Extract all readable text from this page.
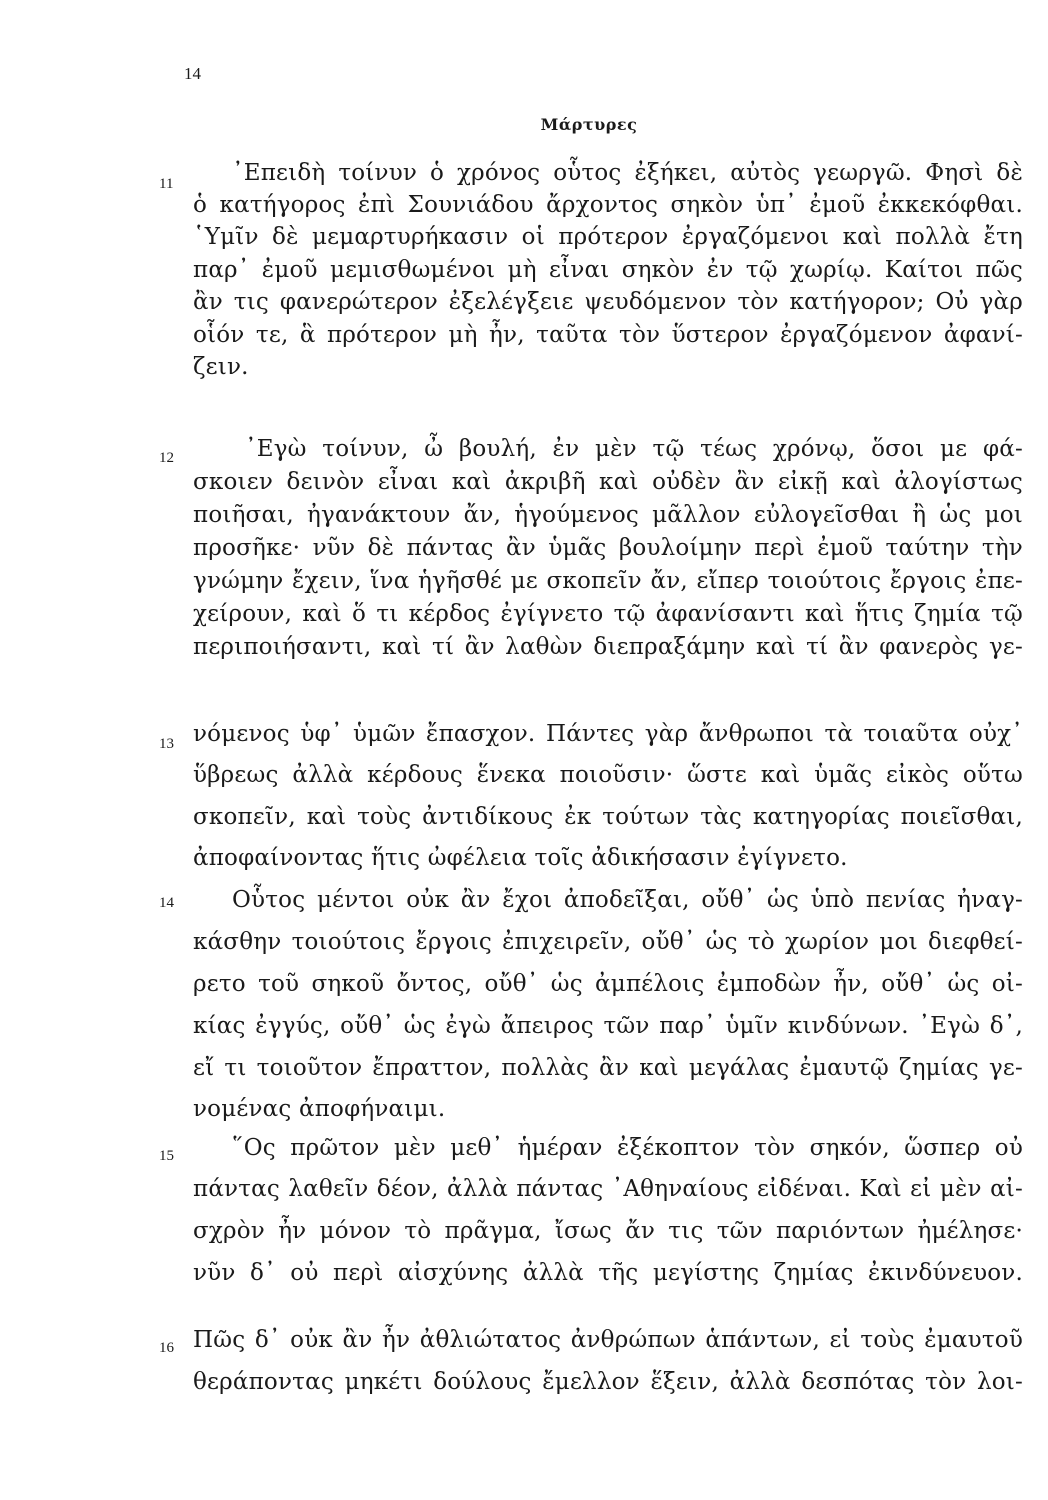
14
Μάρτυρες
11
12
13
14
15
16
᾿Επειδὴ τοίνυν ὁ χρόνος οὗτος ἐξήκει, αὐτὸς γεωργῶ. Φησὶ δὲ
ὁ κατήγορος ἐπὶ Σουνιάδου ἄρχοντος σηκὸν ὑπ᾿ ἐμοῦ ἐκκεκόφθαι.
῾Υμῖν δὲ μεμαρτυρήκασιν οἱ πρότερον ἐργαζόμενοι καὶ πολλὰ ἔτη
παρ᾿ ἐμοῦ μεμισθωμένοι μὴ εἶναι σηκὸν ἐν τῷ χωρίῳ. Καίτοι πῶς
ἂν τις φανερώτερον ἐξελέγξειε ψευδόμενον τὸν κατήγορον; Οὐ γὰρ
οἷόν τε, ἃ πρότερον μὴ ἦν, ταῦτα τὸν ὕστερον ἐργαζόμενον ἀφανί-
ζειν.
᾿Εγὼ τοίνυν, ὦ βουλή, ἐν μὲν τῷ τέως χρόνῳ, ὅσοι με φά-
σκοιεν δεινὸν εἶναι καὶ ἀκριβῆ καὶ οὐδὲν ἂν εἰκῇ καὶ ἀλογίστως
ποιῆσαι, ἠγανάκτουν ἄν, ἡγούμενος μᾶλλον εὐλογεῖσθαι ἢ ὡς μοι
προσῆκε· νῦν δὲ πάντας ἂν ὑμᾶς βουλοίμην περὶ ἐμοῦ ταύτην τὴν
γνώμην ἔχειν, ἵνα ἡγῆσθέ με σκοπεῖν ἄν, εἴπερ τοιούτοις ἔργοις ἐπε-
χείρουν, καὶ ὅ τι κέρδος ἐγίγνετο τῷ ἀφανίσαντι καὶ ἥτις ζημία τῷ
περιποιήσαντι, καὶ τί ἂν λαθὼν διεπραξάμην καὶ τί ἂν φανερὸς γε-
νόμενος ὑφ᾿ ὑμῶν ἔπασχον. Πάντες γὰρ ἄνθρωποι τὰ τοιαῦτα οὐχ᾿
ὕβρεως ἀλλὰ κέρδους ἕνεκα ποιοῦσιν· ὥστε καὶ ὑμᾶς εἰκὸς οὕτω
σκοπεῖν, καὶ τοὺς ἀντιδίκους ἐκ τούτων τὰς κατηγορίας ποιεῖσθαι,
ἀποφαίνοντας ἥτις ὠφέλεια τοῖς ἀδικήσασιν ἐγίγνετο.
Οὗτος μέντοι οὐκ ἂν ἔχοι ἀποδεῖξαι, οὔθ᾿ ὡς ὑπὸ πενίας ἠναγ-
κάσθην τοιούτοις ἔργοις ἐπιχειρεῖν, οὔθ᾿ ὡς τὸ χωρίον μοι διεφθεί-
ρετο τοῦ σηκοῦ ὄντος, οὔθ᾿ ὡς ἀμπέλοις ἐμποδὼν ἦν, οὔθ᾿ ὡς οἰ-
κίας ἐγγύς, οὔθ᾿ ὡς ἐγὼ ἄπειρος τῶν παρ᾿ ὑμῖν κινδύνων. ᾿Εγὼ δ᾿,
εἴ τι τοιοῦτον ἔπραττον, πολλὰς ἂν καὶ μεγάλας ἐμαυτῷ ζημίας γε-
νομένας ἀποφήναιμι.
῞Ος πρῶτον μὲν μεθ᾿ ἡμέραν ἐξέκοπτον τὸν σηκόν, ὥσπερ οὐ
πάντας λαθεῖν δέον, ἀλλὰ πάντας ᾿Αθηναίους εἰδέναι. Καὶ εἰ μὲν αἰ-
σχρὸν ἦν μόνον τὸ πρᾶγμα, ἴσως ἄν τις τῶν παριόντων ἠμέλησε·
νῦν δ᾿ οὐ περὶ αἰσχύνης ἀλλὰ τῆς μεγίστης ζημίας ἐκινδύνευον.
Πῶς δ᾿ οὐκ ἂν ἦν ἀθλιώτατος ἀνθρώπων ἁπάντων, εἰ τοὺς ἐμαυτοῦ
θεράποντας μηκέτι δούλους ἔμελλον ἕξειν, ἀλλὰ δεσπότας τὸν λοι-
